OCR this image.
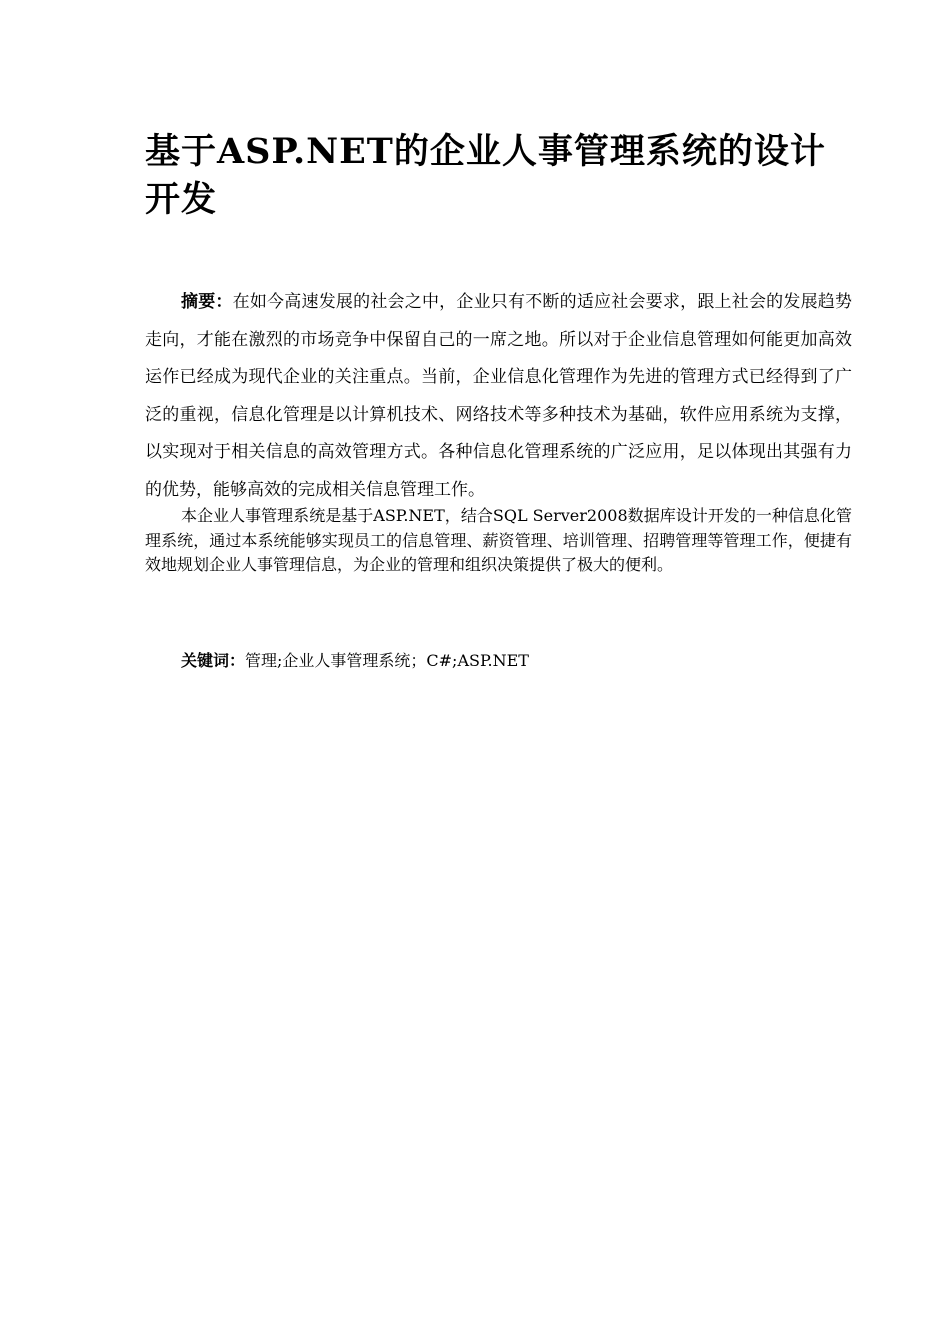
基于ASP.NET的企业人事管理系统的设计开发

摘要：在如今高速发展的社会之中，企业只有不断的适应社会要求，跟上社会的发展趋势走向，才能在激烈的市场竞争中保留自己的一席之地。所以对于企业信息管理如何能更加高效运作已经成为现代企业的关注重点。当前，企业信息化管理作为先进的管理方式已经得到了广泛的重视，信息化管理是以计算机技术、网络技术等多种技术为基础，软件应用系统为支撑，以实现对于相关信息的高效管理方式。各种信息化管理系统的广泛应用，足以体现出其强有力的优势，能够高效的完成相关信息管理工作。

本企业人事管理系统是基于ASP.NET，结合SQL Server2008数据库设计开发的一种信息化管理系统，通过本系统能够实现员工的信息管理、薪资管理、培训管理、招聘管理等管理工作，便捷有效地规划企业人事管理信息，为企业的管理和组织决策提供了极大的便利。

关键词：管理;企业人事管理系统；C#;ASP.NET
